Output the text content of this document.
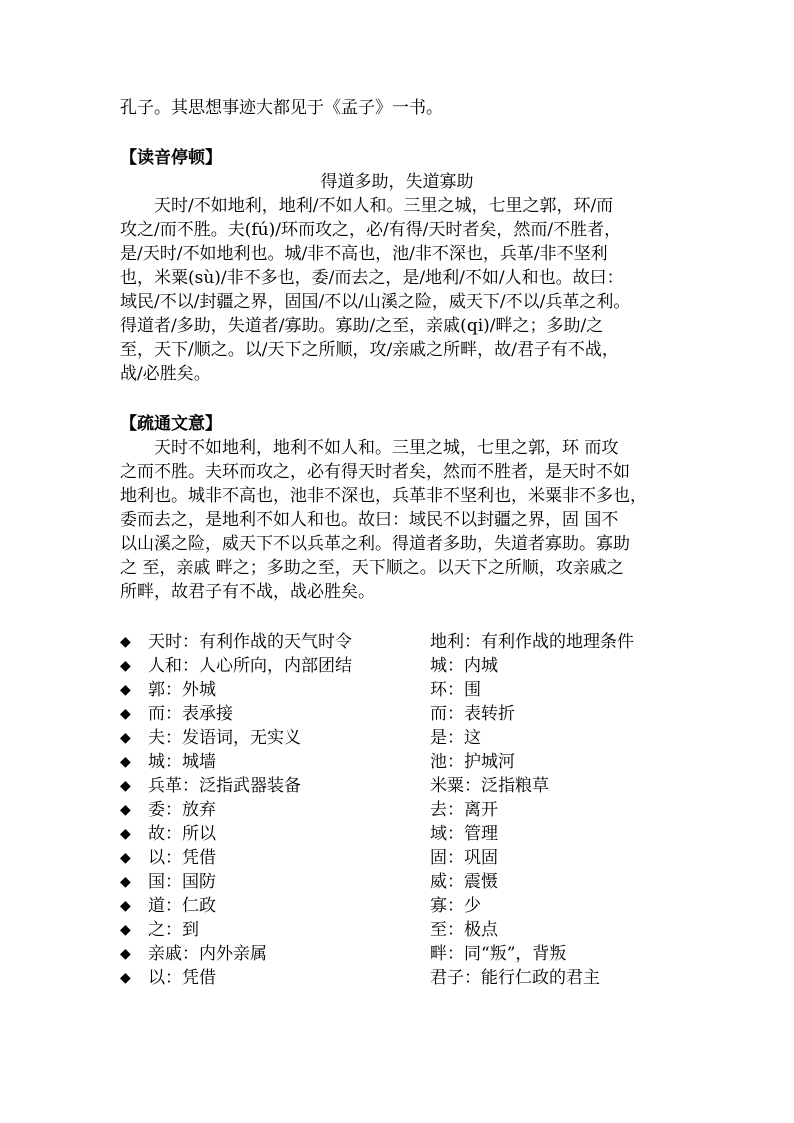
孔子。其思想事迹大都见于《孟子》一书。
【读音停顿】
得道多助，失道寡助
　　天时/不如地利，地利/不如人和。三里之城，七里之郭，环/而
攻之/而不胜。夫(fú)/环而攻之，必/有得/天时者矣，然而/不胜者，
是/天时/不如地利也。城/非不高也，池/非不深也，兵革/非不坚利
也，米粟(sù)/非不多也，委/而去之，是/地利/不如/人和也。故曰：
域民/不以/封疆之界，固国/不以/山溪之险，威天下/不以/兵革之利。
得道者/多助，失道者/寡助。寡助/之至，亲戚(qi)/畔之；多助/之
至，天下/顺之。以/天下之所顺，攻/亲戚之所畔，故/君子有不战，
战/必胜矣。
【疏通文意】
　　天时不如地利，地利不如人和。三里之城，七里之郭，环 而攻
之而不胜。夫环而攻之，必有得天时者矣，然而不胜者，是天时不如
地利也。城非不高也，池非不深也，兵革非不坚利也，米粟非不多也，
委而去之，是地利不如人和也。故曰：域民不以封疆之界，固 国不
以山溪之险，威天下不以兵革之利。得道者多助，失道者寡助。寡助
之 至，亲戚 畔之；多助之至，天下顺之。以天下之所顺，攻亲戚之
所畔，故君子有不战，战必胜矣。
◆ 天时：有利作战的天气时令	地利：有利作战的地理条件
◆ 人和：人心所向，内部团结	城：内城
◆ 郭：外城	环：围
◆ 而：表承接	而：表转折
◆ 夫：发语词，无实义	是：这
◆ 城：城墙	池：护城河
◆ 兵革：泛指武器装备	米粟：泛指粮草
◆ 委：放弃	去：离开
◆ 故：所以	域：管理
◆ 以：凭借	固：巩固
◆ 国：国防	威：震慑
◆ 道：仁政	寡：少
◆ 之：到	至：极点
◆ 亲戚：内外亲属	畔：同“叛”，背叛
◆ 以：凭借	君子：能行仁政的君主
